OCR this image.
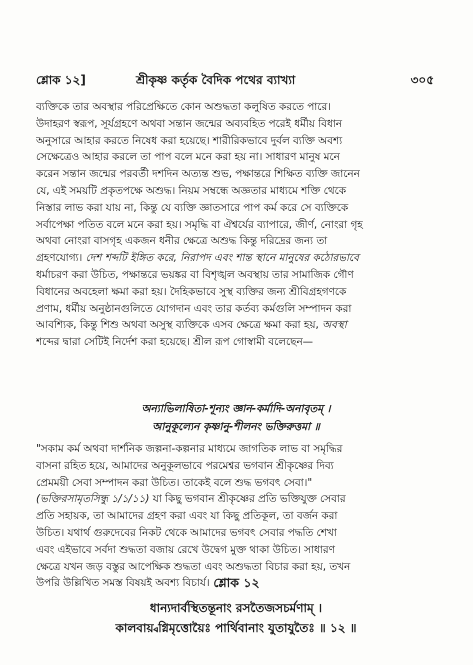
শ্লোক ১২]	শ্রীকৃষ্ণ কর্তৃক বৈদিক পথের ব্যাখ্যা	৩০৫
ব্যক্তিকে তার অবস্থার পরিপ্রেক্ষিতে কোন অশুদ্ধতা কলুষিত করতে পারে।
উদাহরণ স্বরূপ, সূর্যগ্রহণে অথবা সন্তান জন্মের অব্যবহিত পরেই ধর্মীয় বিধান
অনুসারে আহার করতে নিষেধ করা হয়েছে। শারীরিকভাবে দুর্বল ব্যক্তি অবশ্য
সেক্ষেত্রেও আহার করলে তা পাপ বলে মনে করা হয় না। সাধারণ মানুষ মনে
করেন সন্তান জন্মের পরবর্তী দশদিন অত্যন্ত শুভ, পক্ষান্তরে শিক্ষিত ব্যক্তি জানেন
যে, এই সময়টি প্রকৃতপক্ষে অশুদ্ধ। নিয়ম সম্বন্ধে অজ্ঞতার মাধ্যমে শক্তি থেকে
নিস্তার লাভ করা যায় না, কিন্তু যে ব্যক্তি জ্ঞাতসারে পাপ কর্ম করে সে ব্যক্তিকে
সর্বাপেক্ষা পতিত বলে মনে করা হয়। সমৃদ্ধি বা ঐশ্বর্যের ব্যাপারে, জীর্ণ, নোংরা গৃহ
অথবা নোংরা বাসগৃহ একজন ধনীর ক্ষেত্রে অশুদ্ধ কিন্তু দরিদ্রের জন্য তা
গ্রহণযোগ্য। দেশ শব্দটি ইঙ্গিত করে, নিরাপদ এবং শান্ত স্থানে মানুষের কঠোরভাবে
ধর্মাচরণ করা উচিত, পক্ষান্তরে ভয়ঙ্কর বা বিশৃঙ্খল অবস্থায় তার সামাজিক গৌণ
বিধানের অবহেলা ক্ষমা করা হয়। দৈহিকভাবে সুস্থ ব্যক্তির জন্য শ্রীবিগ্রহগণকে
প্রণাম, ধর্মীয় অনুষ্ঠানগুলিতে যোগদান এবং তার কর্তব্য কর্মগুলি সম্পাদন করা
আবশ্যিক, কিন্তু শিশু অথবা অসুস্থ ব্যক্তিকে এসব ক্ষেত্রে ক্ষমা করা হয়, অবস্থা
শব্দের দ্বারা সেটিই নির্দেশ করা হয়েছে। শ্রীল রূপ গোস্বামী বলেছেন—
অন্যাভিলাষিতা-শূন্যং জ্ঞান-কর্মাদি-অনাবৃতম্ ।
আনুকূল্যেন কৃষ্ণানু-শীলনং ভক্তিরুত্তমা ॥
"সকাম কর্ম অথবা দার্শনিক জল্পনা-কল্পনার মাধ্যমে জাগতিক লাভ বা সমৃদ্ধির
বাসনা রহিত হয়ে, আমাদের অনুকূলভাবে পরমেশ্বর ভগবান শ্রীকৃষ্ণের দিব্য
প্রেমময়ী সেবা সম্পাদন করা উচিত। তাকেই বলে শুদ্ধ ভগবৎ সেবা।"
(ভক্তিরসামৃতসিন্ধু ১/১/১১) যা কিছু ভগবান শ্রীকৃষ্ণের প্রতি ভক্তিযুক্ত সেবার
প্রতি সহায়ক, তা আমাদের গ্রহণ করা এবং যা কিছু প্রতিকূল, তা বর্জন করা
উচিত। যথার্থ গুরুদেবের নিকট থেকে আমাদের ভগবৎ সেবার পদ্ধতি শেখা
এবং এইভাবে সর্বদা শুদ্ধতা বজায় রেখে উদ্বেগ মুক্ত থাকা উচিত। সাধারণ
ক্ষেত্রে যখন জড় বস্তুর আপেক্ষিক শুদ্ধতা এবং অশুদ্ধতা বিচার করা হয়, তখন
উপরি উল্লিখিত সমস্ত বিষয়ই অবশ্য বিচার্য। শ্লোক ১২
ধান্যদার্বস্থিতন্তূনাং রসতৈজসচর্মণাম্ ।
কালবায়্বগ্নিমৃত্তোয়ৈঃ পার্থিবানাং যুতাযুতৈঃ ॥ ১২ ॥
